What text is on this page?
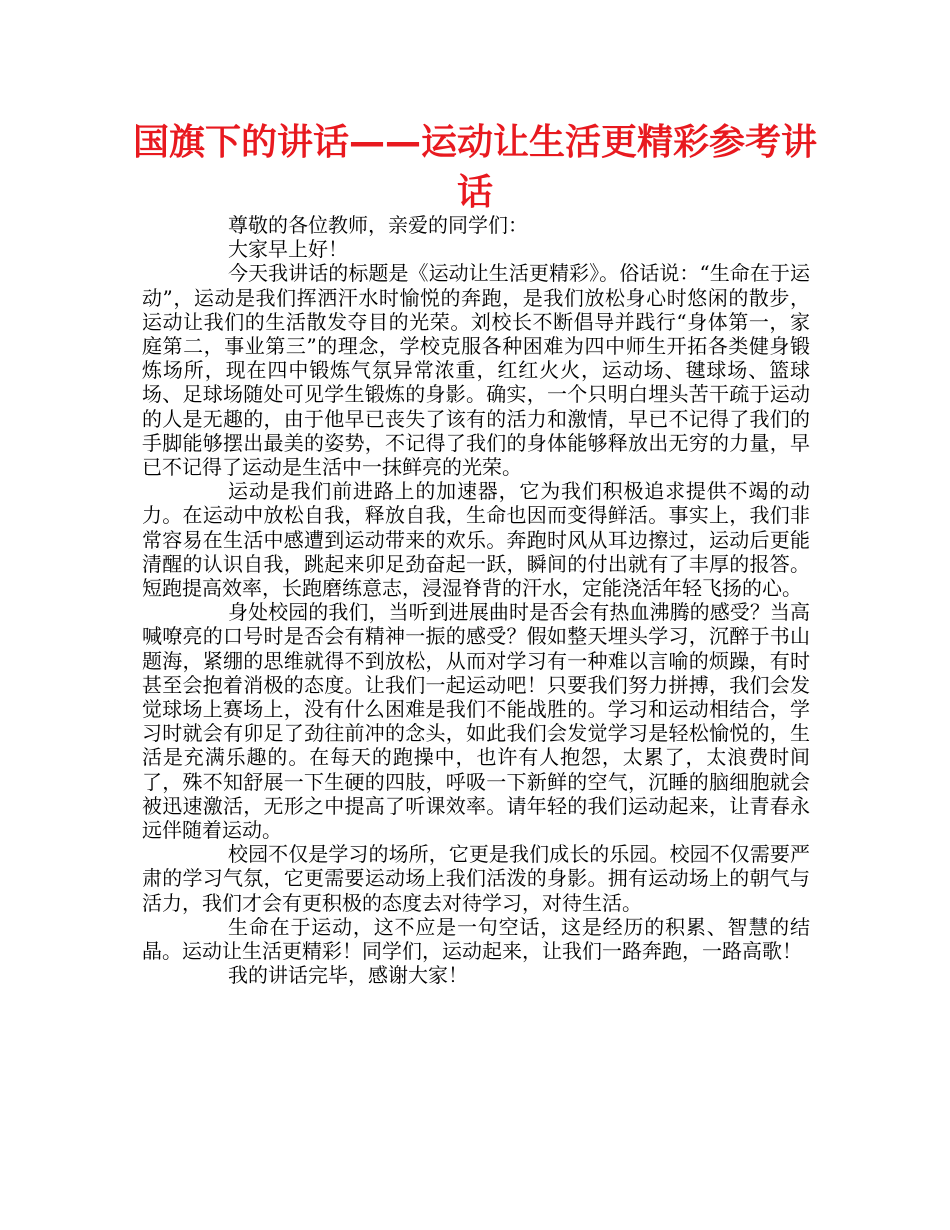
国旗下的讲话——运动让生活更精彩参考讲话

尊敬的各位教师，亲爱的同学们：

大家早上好！

今天我讲话的标题是《运动让生活更精彩》。俗话说：“生命在于运动”，运动是我们挥洒汗水时愉悦的奔跑，是我们放松身心时悠闲的散步，运动让我们的生活散发夺目的光荣。刘校长不断倡导并践行“身体第一，家庭第二，事业第三”的理念，学校克服各种困难为四中师生开拓各类健身锻炼场所，现在四中锻炼气氛异常浓重，红红火火，运动场、毽球场、篮球场、足球场随处可见学生锻炼的身影。确实，一个只明白埋头苦干疏于运动的人是无趣的，由于他早已丧失了该有的活力和激情，早已不记得了我们的手脚能够摆出最美的姿势，不记得了我们的身体能够释放出无穷的力量，早已不记得了运动是生活中一抹鲜亮的光荣。

运动是我们前进路上的加速器，它为我们积极追求提供不竭的动力。在运动中放松自我，释放自我，生命也因而变得鲜活。事实上，我们非常容易在生活中感遭到运动带来的欢乐。奔跑时风从耳边擦过，运动后更能清醒的认识自我，跳起来卯足劲奋起一跃，瞬间的付出就有了丰厚的报答。短跑提高效率，长跑磨练意志，浸湿脊背的汗水，定能浇活年轻飞扬的心。

身处校园的我们，当听到进展曲时是否会有热血沸腾的感受？当高喊嘹亮的口号时是否会有精神一振的感受？假如整天埋头学习，沉醉于书山题海，紧绷的思维就得不到放松，从而对学习有一种难以言喻的烦躁，有时甚至会抱着消极的态度。让我们一起运动吧！只要我们努力拼搏，我们会发觉球场上赛场上，没有什么困难是我们不能战胜的。学习和运动相结合，学习时就会有卯足了劲往前冲的念头，如此我们会发觉学习是轻松愉悦的，生活是充满乐趣的。在每天的跑操中，也许有人抱怨，太累了，太浪费时间了，殊不知舒展一下生硬的四肢，呼吸一下新鲜的空气，沉睡的脑细胞就会被迅速激活，无形之中提高了听课效率。请年轻的我们运动起来，让青春永远伴随着运动。

校园不仅是学习的场所，它更是我们成长的乐园。校园不仅需要严肃的学习气氛，它更需要运动场上我们活泼的身影。拥有运动场上的朝气与活力，我们才会有更积极的态度去对待学习，对待生活。

生命在于运动，这不应是一句空话，这是经历的积累、智慧的结晶。运动让生活更精彩！同学们，运动起来，让我们一路奔跑，一路高歌！

我的讲话完毕，感谢大家！
